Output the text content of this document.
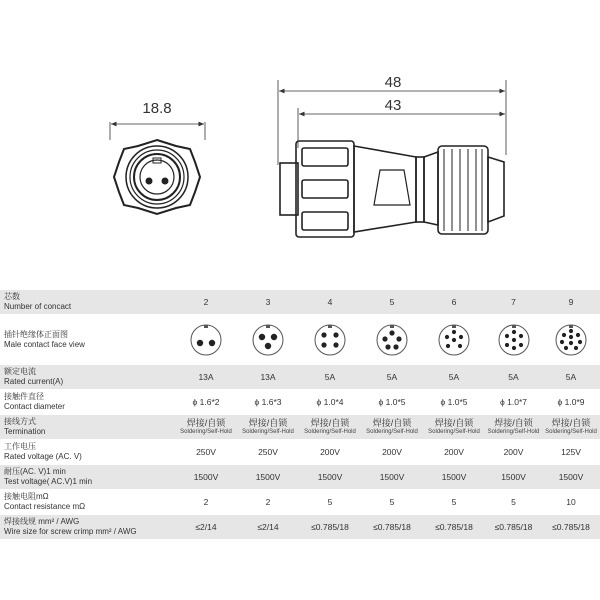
18.8
48
43
芯数
Number of concact	2	3	4	5	6	7	9

插针绝缘体正面图
Male contact face view

额定电流
Rated current(A)	13A	13A	5A	5A	5A	5A	5A

接触件直径
Contact diameter	ϕ 1.6*2	ϕ 1.6*3	ϕ 1.0*4	ϕ 1.0*5	ϕ 1.0*5	ϕ 1.0*7	ϕ 1.0*9

接线方式
Termination	焊接/自锁
Soldering/Self-Hold	焊接/自锁
Soldering/Self-Hold	焊接/自锁
Soldering/Self-Hold	焊接/自锁
Soldering/Self-Hold	焊接/自锁
Soldering/Self-Hold	焊接/自锁
Soldering/Self-Hold	焊接/自锁
Soldering/Self-Hold

工作电压
Rated voltage (AC. V)	250V	250V	200V	200V	200V	200V	125V

耐压(AC. V)1 min
Test voltage( AC.V)1 min	1500V	1500V	1500V	1500V	1500V	1500V	1500V

接触电阻mΩ
Contact resistance mΩ	2	2	5	5	5	5	10

焊接线规 mm² / AWG
Wire size for screw crimp mm² / AWG	≤2/14	≤2/14	≤0.785/18	≤0.785/18	≤0.785/18	≤0.785/18	≤0.785/18
